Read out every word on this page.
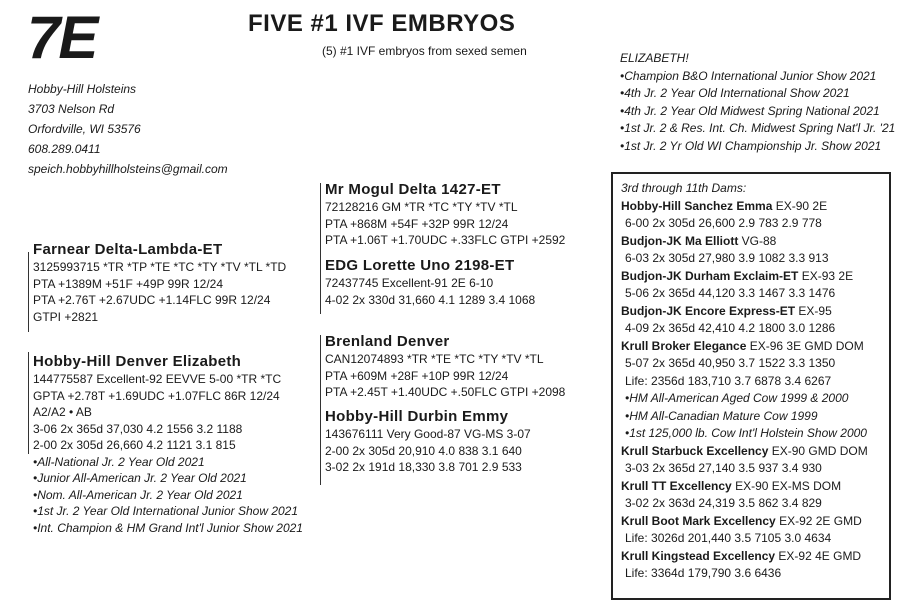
7E
Hobby-Hill Holsteins
3703 Nelson Rd
Orfordville, WI 53576
608.289.0411
speich.hobbyhillholsteins@gmail.com
FIVE #1 IVF EMBRYOS
(5) #1 IVF embryos from sexed semen	ELIZABETH!
•Champion B&O International Junior Show 2021
•4th Jr. 2 Year Old International Show 2021
•4th Jr. 2 Year Old Midwest Spring National 2021
•1st Jr. 2 & Res. Int. Ch. Midwest Spring Nat'l Jr. '21
•1st Jr. 2 Yr Old WI Championship Jr. Show 2021
Farnear Delta-Lambda-ET
3125993715 *TR *TP *TE *TC *TY *TV *TL *TD
PTA +1389M +51F +49P 99R 12/24
PTA +2.76T +2.67UDC +1.14FLC 99R 12/24
GTPI +2821
Mr Mogul Delta 1427-ET
72128216 GM *TR *TC *TY *TV *TL
PTA +868M +54F +32P 99R 12/24
PTA +1.06T +1.70UDC +.33FLC GTPI +2592
EDG Lorette Uno 2198-ET
72437745 Excellent-91 2E 6-10
4-02 2x 330d 31,660 4.1 1289 3.4 1068
Hobby-Hill Denver Elizabeth
144775587 Excellent-92 EEVVE 5-00 *TR *TC
GPTA +2.78T +1.69UDC +1.07FLC 86R 12/24
A2/A2 • AB
3-06 2x 365d 37,030 4.2 1556 3.2 1188
2-00 2x 305d 26,660 4.2 1121 3.1 815
•All-National Jr. 2 Year Old 2021
•Junior All-American Jr. 2 Year Old 2021
•Nom. All-American Jr. 2 Year Old 2021
•1st Jr. 2 Year Old International Junior Show 2021
•Int. Champion & HM Grand Int'l Junior Show 2021
Brenland Denver
CAN12074893 *TR *TE *TC *TY *TV *TL
PTA +609M +28F +10P 99R 12/24
PTA +2.45T +1.40UDC +.50FLC GTPI +2098
Hobby-Hill Durbin Emmy
143676111 Very Good-87 VG-MS 3-07
2-00 2x 305d 20,910 4.0 838 3.1 640
3-02 2x 191d 18,330 3.8 701 2.9 533
3rd through 11th Dams:
Hobby-Hill Sanchez Emma EX-90 2E
6-00 2x 305d 26,600 2.9 783 2.9 778
Budjon-JK Ma Elliott VG-88
6-03 2x 305d 27,980 3.9 1082 3.3 913
Budjon-JK Durham Exclaim-ET EX-93 2E
5-06 2x 365d 44,120 3.3 1467 3.3 1476
Budjon-JK Encore Express-ET EX-95
4-09 2x 365d 42,410 4.2 1800 3.0 1286
Krull Broker Elegance EX-96 3E GMD DOM
5-07 2x 365d 40,950 3.7 1522 3.3 1350
Life: 2356d 183,710 3.7 6878 3.4 6267
•HM All-American Aged Cow 1999 & 2000
•HM All-Canadian Mature Cow 1999
•1st 125,000 lb. Cow Int'l Holstein Show 2000
Krull Starbuck Excellency EX-90 GMD DOM
3-03 2x 365d 27,140 3.5 937 3.4 930
Krull TT Excellency EX-90 EX-MS DOM
3-02 2x 363d 24,319 3.5 862 3.4 829
Krull Boot Mark Excellency EX-92 2E GMD
Life: 3026d 201,440 3.5 7105 3.0 4634
Krull Kingstead Excellency EX-92 4E GMD
Life: 3364d 179,790 3.6 6436
